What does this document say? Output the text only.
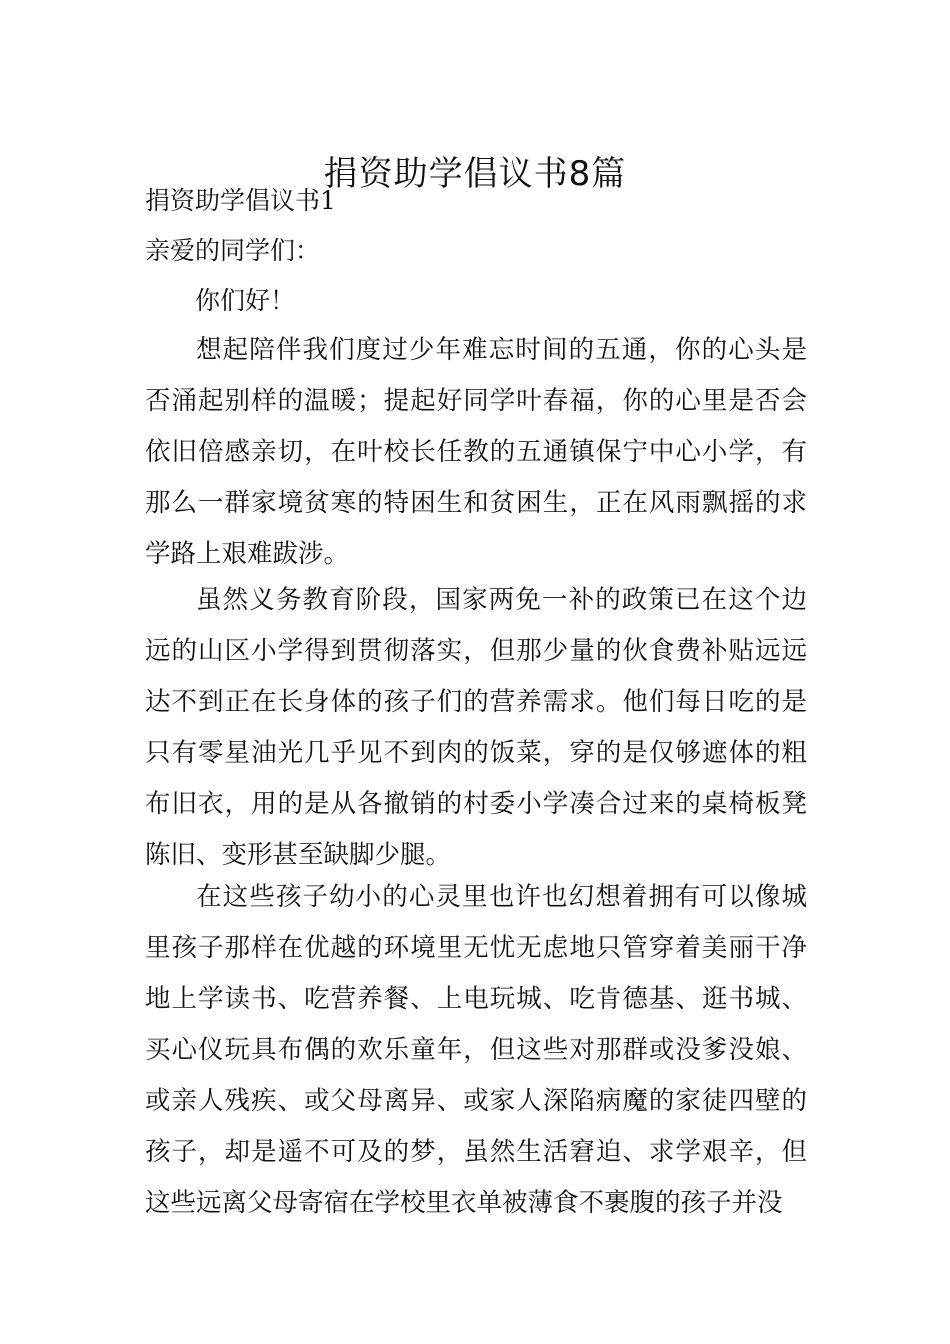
捐资助学倡议书8篇
捐资助学倡议书1
亲爱的同学们：
你们好！

想起陪伴我们度过少年难忘时间的五通，你的心头是否涌起别样的温暖；提起好同学叶春福，你的心里是否会依旧倍感亲切，在叶校长任教的五通镇保宁中心小学，有那么一群家境贫寒的特困生和贫困生，正在风雨飘摇的求学路上艰难跋涉。

虽然义务教育阶段，国家两免一补的政策已在这个边远的山区小学得到贯彻落实，但那少量的伙食费补贴远远达不到正在长身体的孩子们的营养需求。他们每日吃的是只有零星油光几乎见不到肉的饭菜，穿的是仅够遮体的粗布旧衣，用的是从各撤销的村委小学凑合过来的桌椅板凳陈旧、变形甚至缺脚少腿。

在这些孩子幼小的心灵里也许也幻想着拥有可以像城里孩子那样在优越的环境里无忧无虑地只管穿着美丽干净地上学读书、吃营养餐、上电玩城、吃肯德基、逛书城、买心仪玩具布偶的欢乐童年，但这些对那群或没爹没娘、或亲人残疾、或父母离异、或家人深陷病魔的家徒四壁的孩子，却是遥不可及的梦，虽然生活窘迫、求学艰辛，但这些远离父母寄宿在学校里衣单被薄食不裹腹的孩子并没
